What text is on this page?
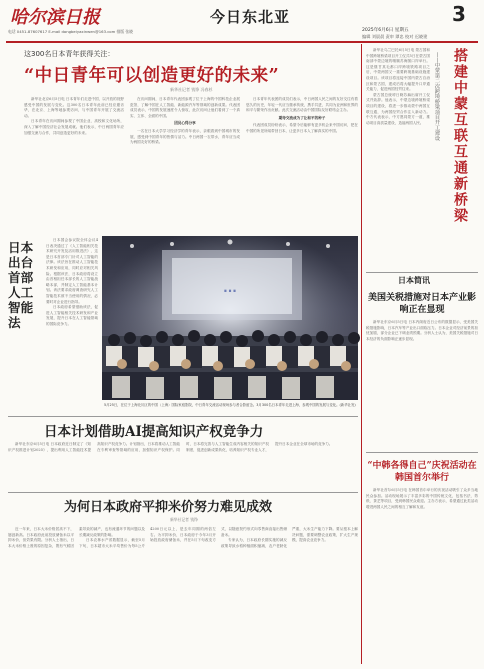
哈尔滨日报	今日东北亚	3
2025年6月6日 星期五
编辑 刘晨晨 责审 谭忠 校对 迟晓建
电话 0451-87607617 E-mail dongbeiyaxinwen@163.com 排版 张晓
这300名日本青年获得关注：
“中日青年可以创造更好的未来”
新华社记者 钱铮 冯春杉

新华社北京6月5日电 日本青年们走进中国，以开放的视野感受中国的发展与变化。这300名日本青年此前已经应邀访华，在北京、上海等地参观访问，与中国青年开展了交流活动。

日本青年在访问期间参观了中国企业、高校和文化场所，深入了解中国经济社会发展成就。他们表示，中日两国青年应加强交流与合作，共同创造更好的未来。

在访问期间，日本青年代表团参观了位于上海的中国科技企业展览馆，了解中国在人工智能、新能源汽车等领域的创新成果。代表团成员表示，中国的发展速度令人惊叹，此次访问让他们看到了一个真实、立体、全面的中国。

团员心得分享

一名在日本大学学习经济学的青年表示，亲眼看到中国城市的发展，感受到中国青年的热情与活力。中日两国一衣带水，青年应当成为两国友好的桥梁。

日本青年代表团的成员们表示，中日两国人民之间的友好交往有着悠久的历史，年轻一代应当继承传统，携手共进，共同为亚洲和世界的和平与繁荣作出贡献。此次交流活动由中国国际友好联络会主办。

期待交流成为了让和平的种子

代表团成员纷纷表示，希望今后能够有更多机会来中国访问，把在中国的所见所闻带回日本，让更多日本人了解真实的中国。

日本出台首部人工智能法

日本国会参议院全体会议4日表决通过了《人工智能相关技术研究开发及活用推进法》，这是日本首部专门针对人工智能的法律。该法旨在推动人工智能技术研发和应用，同时应对相关风险。根据该法，日本政府将设立由首相担任本部长的人工智能战略本部，并制定人工智能基本计划。该法要求政府调查研究人工智能技术被不当使用的情况，必要时对企业进行指导。

日本政府希望借助该法，促进人工智能相关技术研发和产业发展，提升日本在人工智能领域的国际竞争力。

...
5月25日，在位于上海北川区的中国（上海）国际家庭影院，中日青年交流活动现场参与者合影留念。3月300名日本青年走进上海，参观中国的发展与变化。(新华社发)
日本计划借助AI提高知识产权竞争力

新华社东京6月5日电 日本政府近日制定了《知识产权推进计划2025》，提出利用人工智能技术提高知识产权竞争力。计划指出，日本将推动人工智能在专利审查等领域的应用，加强知识产权保护。同时，日本将完善与人工智能生成内容相关的知识产权制度，促进创新成果转化，培养知识产权专业人才，提升日本企业在全球市场的竞争力。

为何日本政府平抑米价努力难见成效
新华社记者 钱铮

近一年来，日本大米价格居高不下，屡创新高。日本政府此前投放储备米以平抑米价，但效果有限。分析人士指出，日本大米价格上涨的原因复杂，既有气候因素导致的减产，也有流通环节的问题以及长期减反政策的影响。

日本农林水产省数据显示，截至5月下旬，日本超市大米平均售价为每5公斤4200日元以上，是去年同期的两倍左右。为平抑米价，日本政府于今年3月开始投放政府储备米，并在5月下旬改变方式，以随意契约形式向零售商直接出售储备米。

专家认为，日本政府长期实施的减反政策导致水稻种植面积缩减，农户老龄化严重，大米生产能力下降。要从根本上解决问题，需要调整农业政策，扩大生产规模，提高农业竞争力。

搭建中蒙互联互通新桥梁
——中蒙第二次跨境桥梁项目开工建设

新华社乌兰巴托6月5日电 蒙古国和中国跨境桥梁项目开工仪式5日在蒙古国南部中蒙边境的嘎顺苏海图口岸举行。这是继甘其毛都口岸跨境铁路项目之后，中蒙两国又一重要跨境基础设施建设项目。该项目将连接中国内蒙古自治区和蒙古国，建成后将大幅提升口岸通关能力，促进两国经贸往来。

蒙古国总统呼日勒苏赫出席开工仪式并致辞。他表示，中蒙边境跨境桥梁项目的建设，将进一步推动蒙中两国互联互通，为两国经贸合作注入新动力。中方代表表示，中方愿同蒙方一道，推动项目高质量建设，造福两国人民。

日本简讯
美国关税措施对日本产业影响正在显现

新华社东京6月5日电 日本内阁府近日公布的数据显示，受美国关税措施影响，日本汽车等产业出口面临压力。日本企业对经济前景的担忧加剧，部分企业已下调业绩预期。分析人士认为，美国关税措施对日本经济的负面影响正逐步显现。

“中韩各得自己”庆祝活动在韩国首尔举行

新华社首尔6月5日电 在韩国首尔举行的庆祝活动吸引了众多当地民众参加。活动现场展示了丰富多彩的中国传统文化，包括书法、剪纸、茶艺等项目，受到韩国民众欢迎。主办方表示，希望通过此类活动增进两国人民之间的相互了解和友谊。
